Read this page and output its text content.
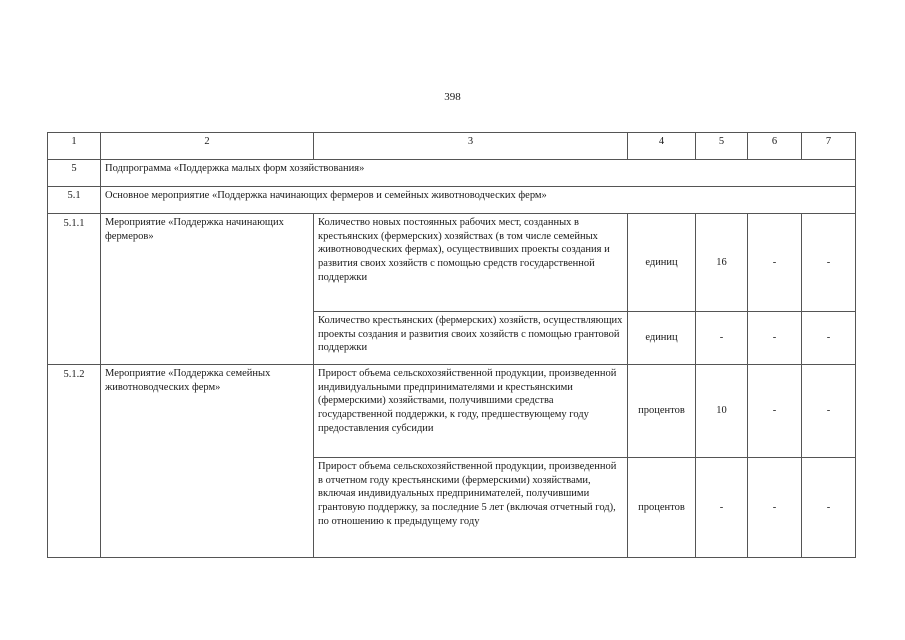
398
1	2	3	4	5	6	7
5	Подпрограмма «Поддержка малых форм хозяйствования»					
5.1	Основное мероприятие «Поддержка начинающих фермеров и семейных животноводческих ферм»					
5.1.1	Мероприятие «Поддержка начинающих фермеров»	Количество новых постоянных рабочих мест, созданных в крестьянских (фермерских) хозяйствах (в том числе семейных животноводческих фермах), осуществивших проекты создания и развития своих хозяйств с помощью средств государственной поддержки	единиц	16	-	-
		Количество крестьянских (фермерских) хозяйств, осуществляющих проекты создания и развития своих хозяйств с помощью грантовой поддержки	единиц	-	-	-
5.1.2	Мероприятие «Поддержка семейных животноводческих ферм»	Прирост объема сельскохозяйственной продукции, произведенной индивидуальными предпринимателями и крестьянскими (фермерскими) хозяйствами, получившими средства государственной поддержки, к году, предшествующему году предоставления субсидии	процентов	10	-	-
		Прирост объема сельскохозяйственной продукции, произведенной в отчетном году крестьянскими (фермерскими) хозяйствами, включая индивидуальных предпринимателей, получившими грантовую поддержку, за последние 5 лет (включая отчетный год), по отношению к предыдущему году	процентов	-	-	-
